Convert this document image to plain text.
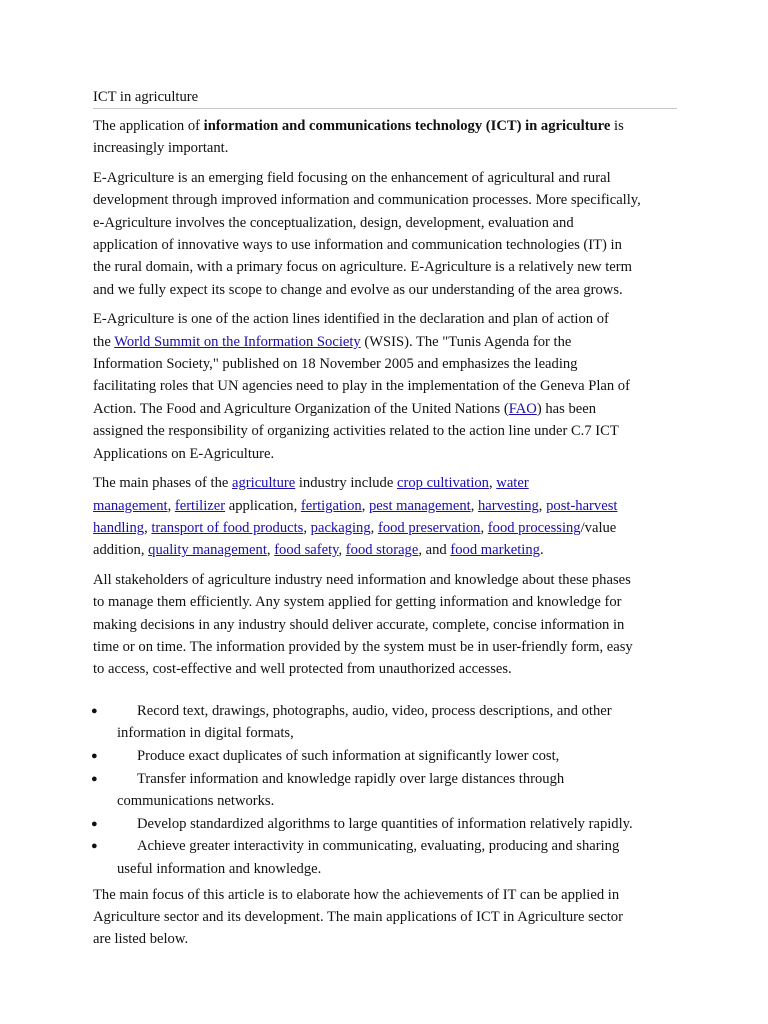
ICT in agriculture

The application of information and communications technology (ICT) in agriculture is
increasingly important.

E-Agriculture is an emerging field focusing on the enhancement of agricultural and rural
development through improved information and communication processes. More specifically,
e-Agriculture involves the conceptualization, design, development, evaluation and
application of innovative ways to use information and communication technologies (IT) in
the rural domain, with a primary focus on agriculture. E-Agriculture is a relatively new term
and we fully expect its scope to change and evolve as our understanding of the area grows.

E-Agriculture is one of the action lines identified in the declaration and plan of action of
the World Summit on the Information Society (WSIS). The "Tunis Agenda for the
Information Society," published on 18 November 2005 and emphasizes the leading
facilitating roles that UN agencies need to play in the implementation of the Geneva Plan of
Action. The Food and Agriculture Organization of the United Nations (FAO) has been
assigned the responsibility of organizing activities related to the action line under C.7 ICT
Applications on E-Agriculture.

The main phases of the agriculture industry include crop cultivation, water
management, fertilizer application, fertigation, pest management, harvesting, post-harvest
handling, transport of food products, packaging, food preservation, food processing/value
addition, quality management, food safety, food storage, and food marketing.

All stakeholders of agriculture industry need information and knowledge about these phases
to manage them efficiently. Any system applied for getting information and knowledge for
making decisions in any industry should deliver accurate, complete, concise information in
time or on time. The information provided by the system must be in user-friendly form, easy
to access, cost-effective and well protected from unauthorized accesses.

●	Record text, drawings, photographs, audio, video, process descriptions, and other
information in digital formats,
●	Produce exact duplicates of such information at significantly lower cost,
●	Transfer information and knowledge rapidly over large distances through
communications networks.
●	Develop standardized algorithms to large quantities of information relatively rapidly.
●	Achieve greater interactivity in communicating, evaluating, producing and sharing
useful information and knowledge.

The main focus of this article is to elaborate how the achievements of IT can be applied in
Agriculture sector and its development. The main applications of ICT in Agriculture sector
are listed below.
